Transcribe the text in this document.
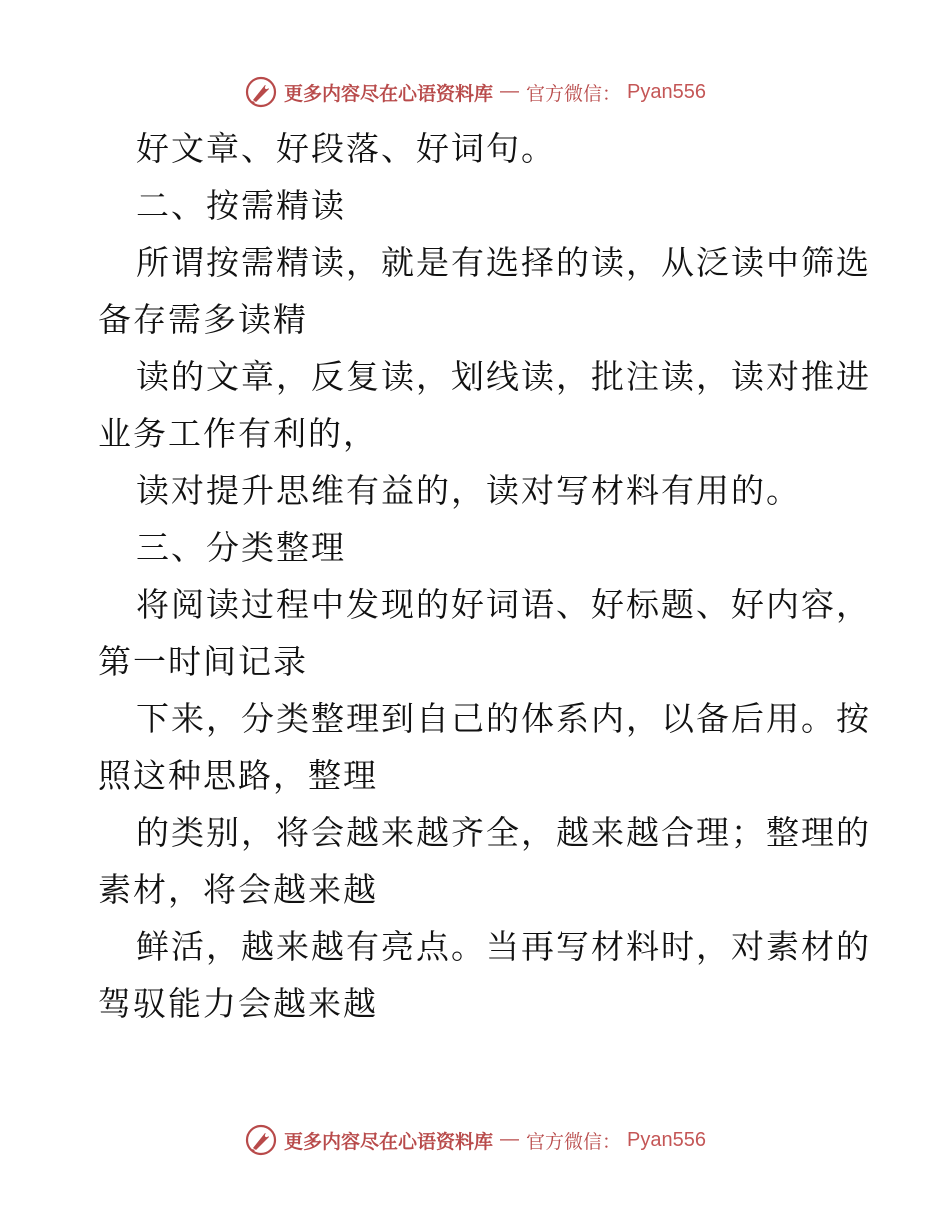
更多内容尽在心语资料库 — 官方微信： Pyan556
好文章、好段落、好词句。
二、按需精读
所谓按需精读，就是有选择的读，从泛读中筛选
备存需多读精
读的文章，反复读，划线读，批注读，读对推进
业务工作有利的，
读对提升思维有益的，读对写材料有用的。
三、分类整理
将阅读过程中发现的好词语、好标题、好内容，
第一时间记录
下来，分类整理到自己的体系内，以备后用。按
照这种思路，整理
的类别，将会越来越齐全，越来越合理；整理的
素材，将会越来越
鲜活，越来越有亮点。当再写材料时，对素材的
驾驭能力会越来越
更多内容尽在心语资料库 — 官方微信： Pyan556
